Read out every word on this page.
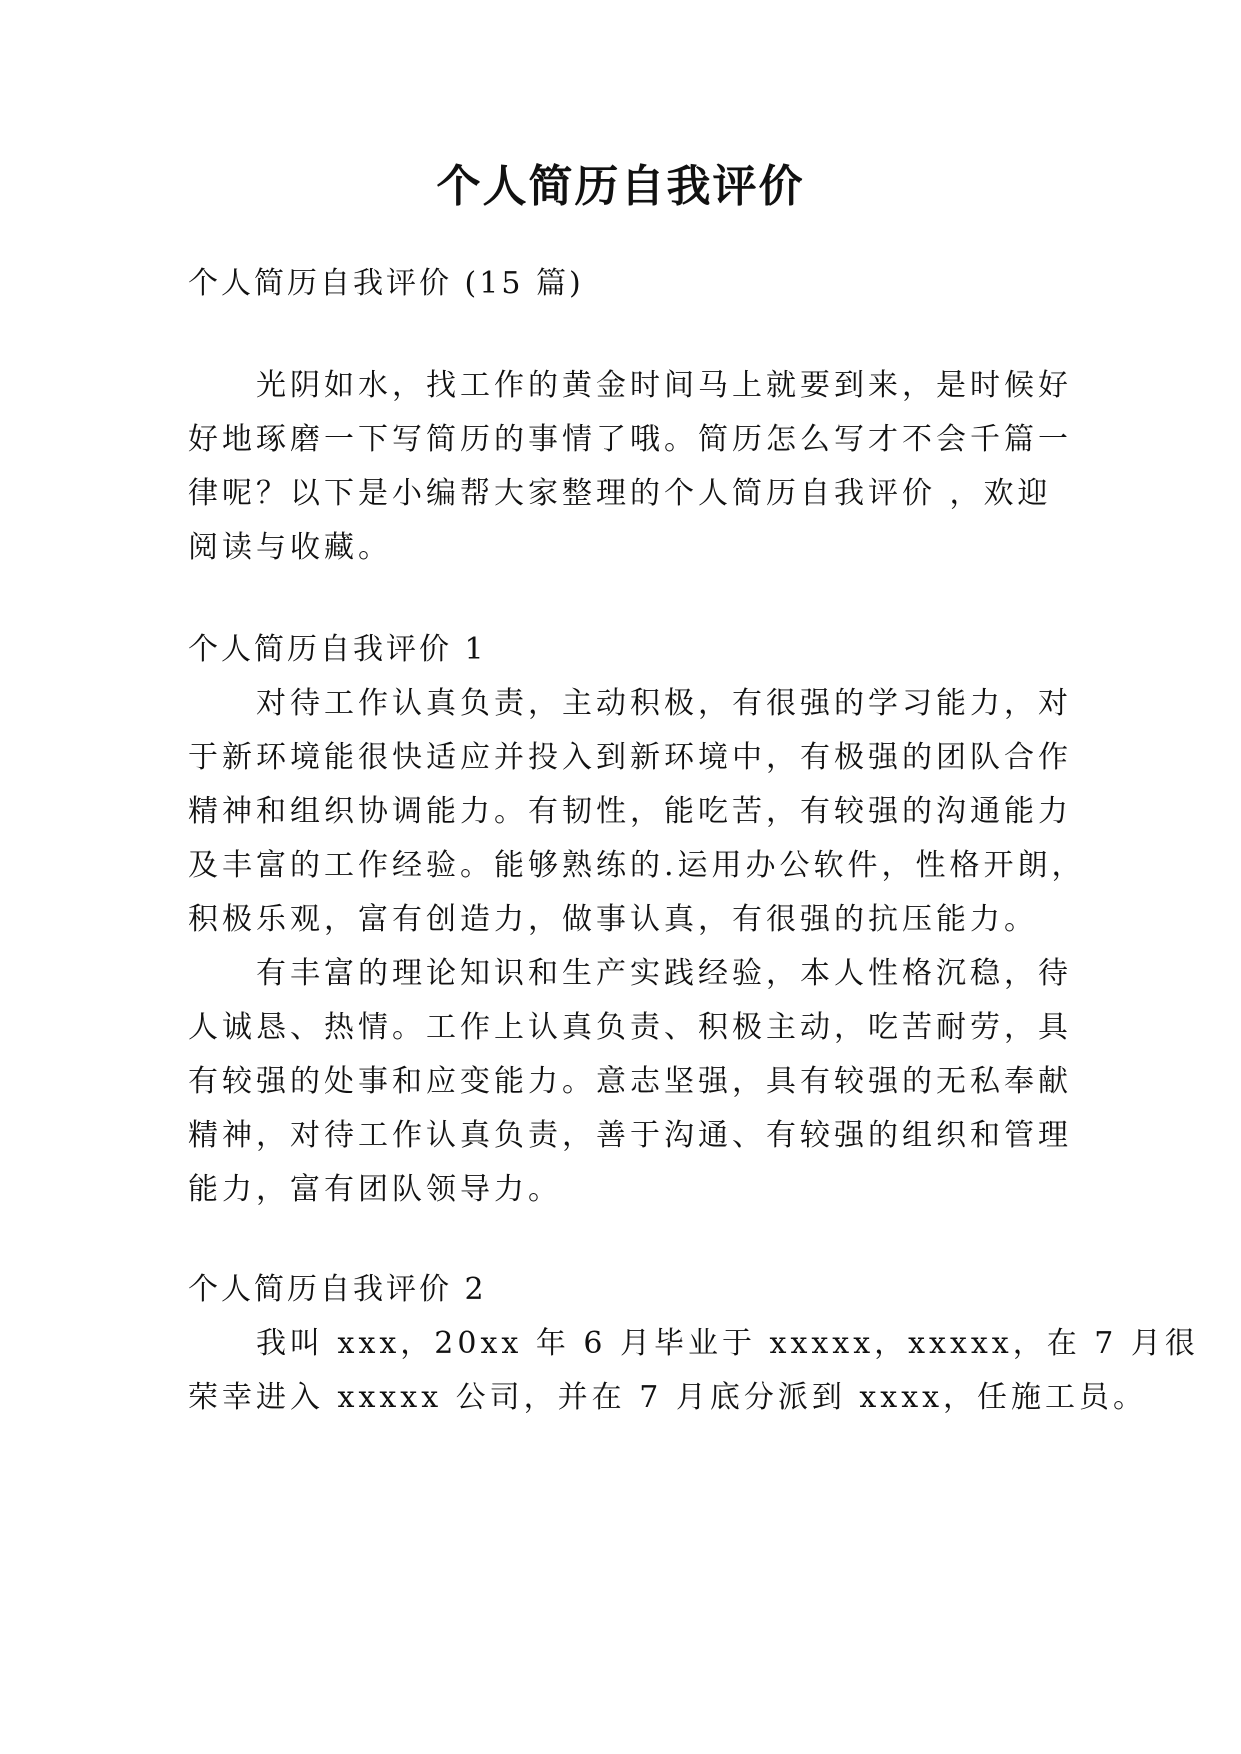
个人简历自我评价

个人简历自我评价 (15 篇)

光阴如水，找工作的黄金时间马上就要到来，是时候好

好地琢磨一下写简历的事情了哦。简历怎么写才不会千篇一

律呢？以下是小编帮大家整理的个人简历自我评价 ，欢迎

阅读与收藏。

个人简历自我评价 1

对待工作认真负责，主动积极，有很强的学习能力，对

于新环境能很快适应并投入到新环境中，有极强的团队合作

精神和组织协调能力。有韧性，能吃苦，有较强的沟通能力

及丰富的工作经验。能够熟练的.运用办公软件，性格开朗，

积极乐观，富有创造力，做事认真，有很强的抗压能力。

有丰富的理论知识和生产实践经验，本人性格沉稳，待

人诚恳、热情。工作上认真负责、积极主动，吃苦耐劳，具

有较强的处事和应变能力。意志坚强，具有较强的无私奉献

精神，对待工作认真负责，善于沟通、有较强的组织和管理

能力，富有团队领导力。

个人简历自我评价 2

我叫 xxx，20xx 年 6 月毕业于 xxxxx，xxxxx，在 7 月很

荣幸进入 xxxxx 公司，并在 7 月底分派到 xxxx，任施工员。
